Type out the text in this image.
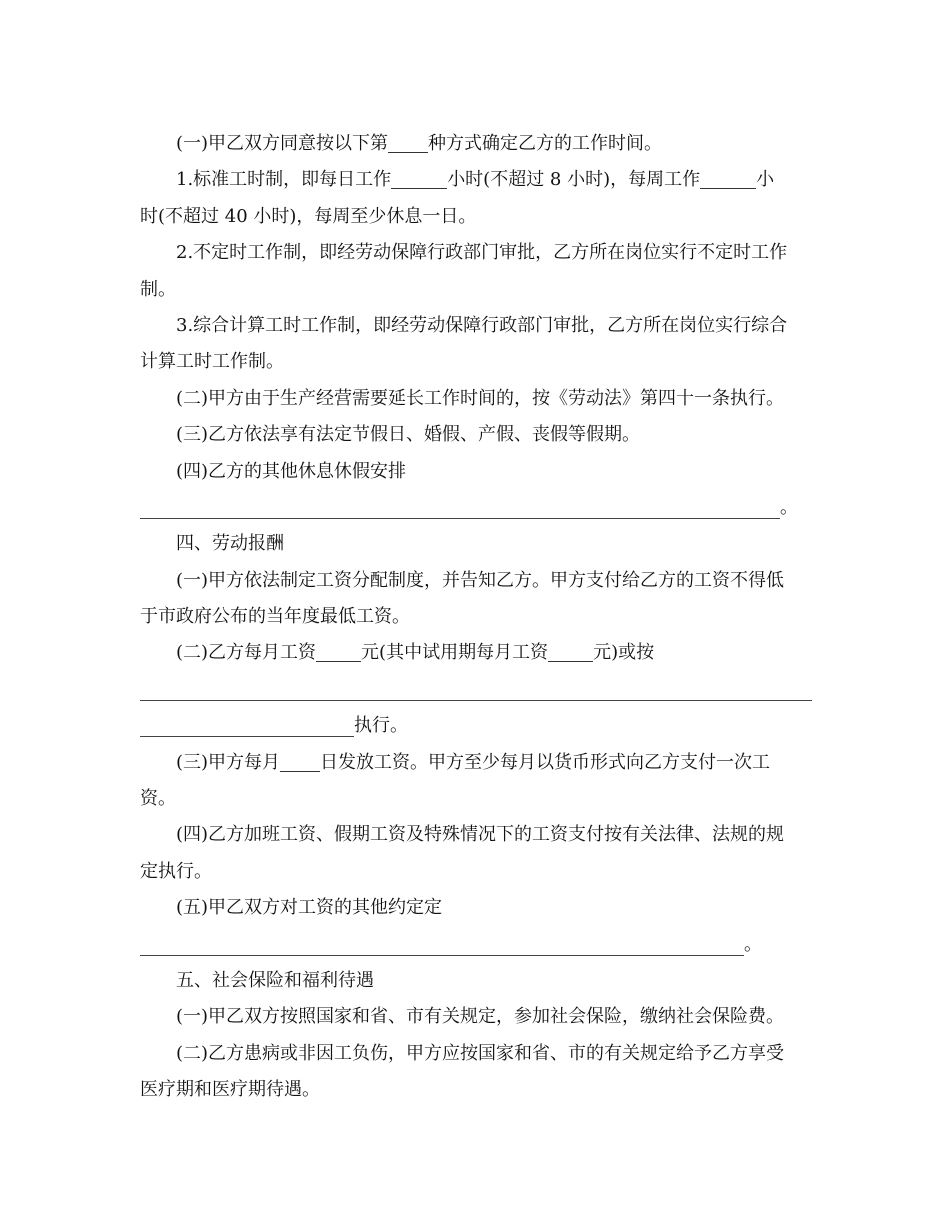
(一)甲乙双方同意按以下第 种方式确定乙方的工作时间。
1.标准工时制，即每日工作	小时(不超过 8 小时)，每周工作	小
时(不超过 40 小时)，每周至少休息一日。
2.不定时工作制，即经劳动保障行政部门审批，乙方所在岗位实行不定时工作
制。
3.综合计算工时工作制，即经劳动保障行政部门审批，乙方所在岗位实行综合
计算工时工作制。
(二)甲方由于生产经营需要延长工作时间的，按《劳动法》第四十一条执行。
(三)乙方依法享有法定节假日、婚假、产假、丧假等假期。
(四)乙方的其他休息休假安排
。
四、劳动报酬
(一)甲方依法制定工资分配制度，并告知乙方。甲方支付给乙方的工资不得低
于市政府公布的当年度最低工资。
(二)乙方每月工资	元(其中试用期每月工资	元)或按
执行。
(三)甲方每月 日发放工资。甲方至少每月以货币形式向乙方支付一次工
资。
(四)乙方加班工资、假期工资及特殊情况下的工资支付按有关法律、法规的规
定执行。
(五)甲乙双方对工资的其他约定定
。
五、社会保险和福利待遇
(一)甲乙双方按照国家和省、市有关规定，参加社会保险，缴纳社会保险费。
(二)乙方患病或非因工负伤，甲方应按国家和省、市的有关规定给予乙方享受
医疗期和医疗期待遇。
